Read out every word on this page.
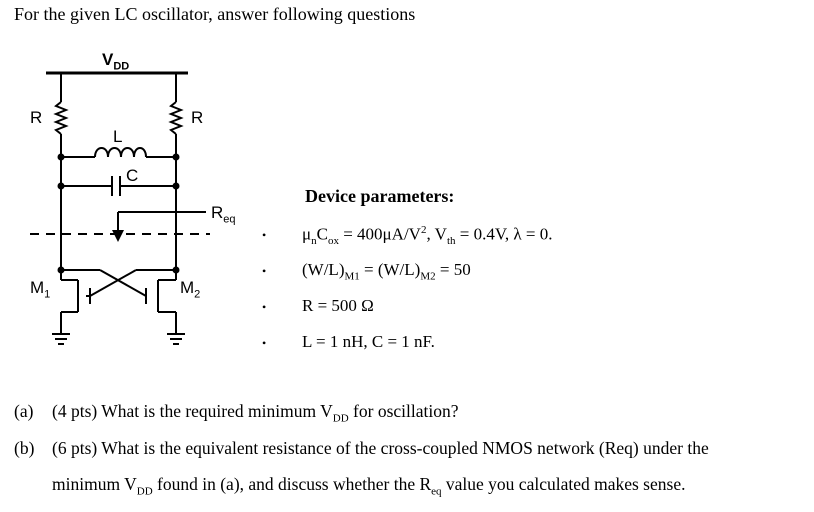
For the given LC oscillator, answer following questions
$V_{DD}$
R	R
L
C
$R_{eq}$
$M_1$	$M_2$
Device parameters:
• $\mu_nC_{ox} = 400\mu A/V^2$, $V_{th} = 0.4V$, λ = 0.
• $(W/L)_{M1} = (W/L)_{M2} = 50$
• R = 500 Ω
• L = 1 nH, C = 1 nF.
(a) (4 pts) What is the required minimum $V_{DD}$ for oscillation?
(b) (6 pts) What is the equivalent resistance of the cross-coupled NMOS network (Req) under the
minimum $V_{DD}$ found in (a), and discuss whether the $R_{eq}$ value you calculated makes sense.
